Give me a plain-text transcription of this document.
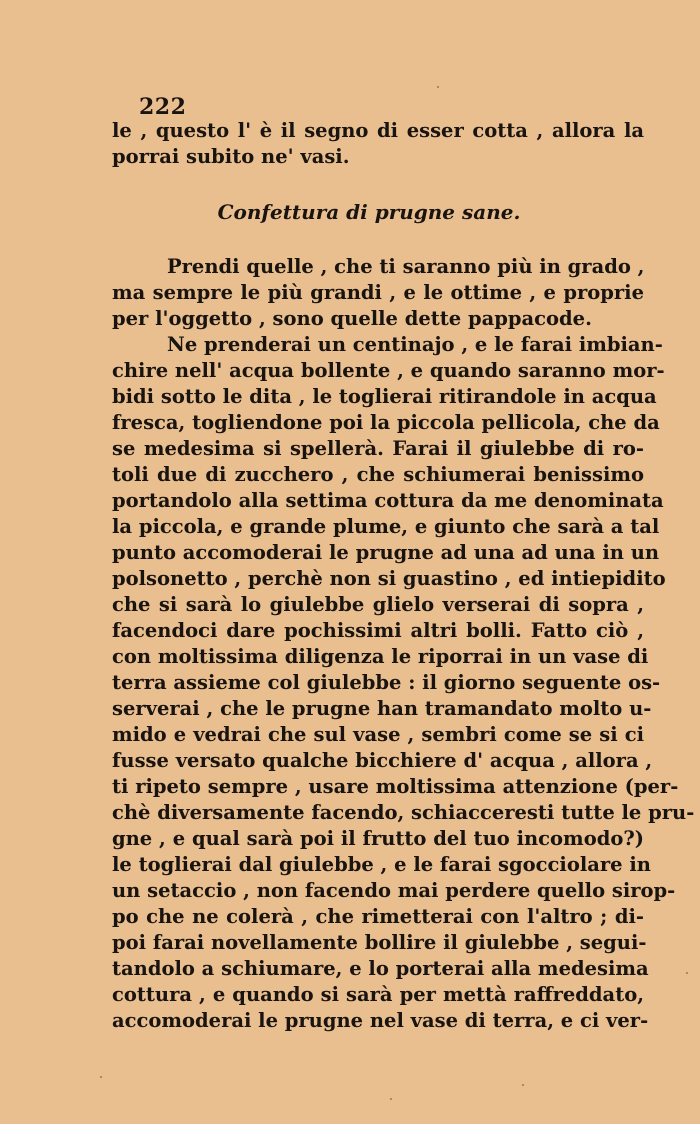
222
le , questo l' è il segno di esser cotta , allora la
porrai subito ne' vasi.
Confettura di prugne sane.
Prendi quelle , che ti saranno più in grado ,
ma sempre le più grandi , e le ottime , e proprie
per l'oggetto , sono quelle dette pappacode.
Ne prenderai un centinajo , e le farai imbian-
chire nell' acqua bollente , e quando saranno mor-
bidi sotto le dita , le toglierai ritirandole in acqua
fresca, togliendone poi la piccola pellicola, che da
se medesima si spellerà. Farai il giulebbe di ro-
toli due di zucchero , che schiumerai benissimo
portandolo alla settima cottura da me denominata
la piccola, e grande plume, e giunto che sarà a tal
punto accomoderai le prugne ad una ad una in un
polsonetto , perchè non si guastino , ed intiepidito
che si sarà lo giulebbe glielo verserai di sopra ,
facendoci dare pochissimi altri bolli. Fatto ciò ,
con moltissima diligenza le riporrai in un vase di
terra assieme col giulebbe : il giorno seguente os-
serverai , che le prugne han tramandato molto u-
mido e vedrai che sul vase , sembri come se si ci
fusse versato qualche bicchiere d' acqua , allora ,
ti ripeto sempre , usare moltissima attenzione (per-
chè diversamente facendo, schiacceresti tutte le pru-
gne , e qual sarà poi il frutto del tuo incomodo?)
le toglierai dal giulebbe , e le farai sgocciolare in
un setaccio , non facendo mai perdere quello sirop-
po che ne colerà , che rimetterai con l'altro ; di-
poi farai novellamente bollire il giulebbe , segui-
tandolo a schiumare, e lo porterai alla medesima
cottura , e quando si sarà per mettà raffreddato,
accomoderai le prugne nel vase di terra, e ci ver-
